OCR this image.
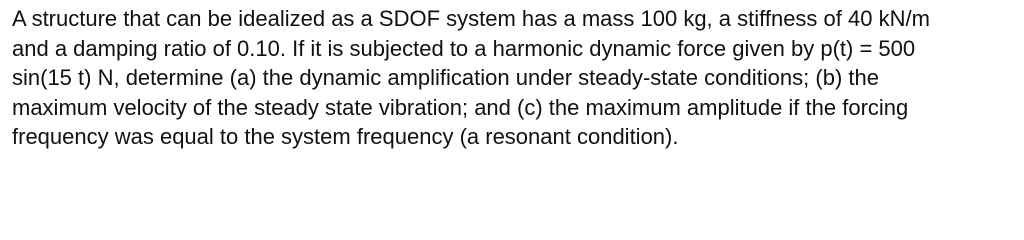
A structure that can be idealized as a SDOF system has a mass 100 kg, a stiffness of 40 kN/m
and a damping ratio of 0.10. If it is subjected to a harmonic dynamic force given by p(t) = 500
sin(15 t) N, determine (a) the dynamic amplification under steady-state conditions; (b) the
maximum velocity of the steady state vibration; and (c) the maximum amplitude if the forcing
frequency was equal to the system frequency (a resonant condition).
